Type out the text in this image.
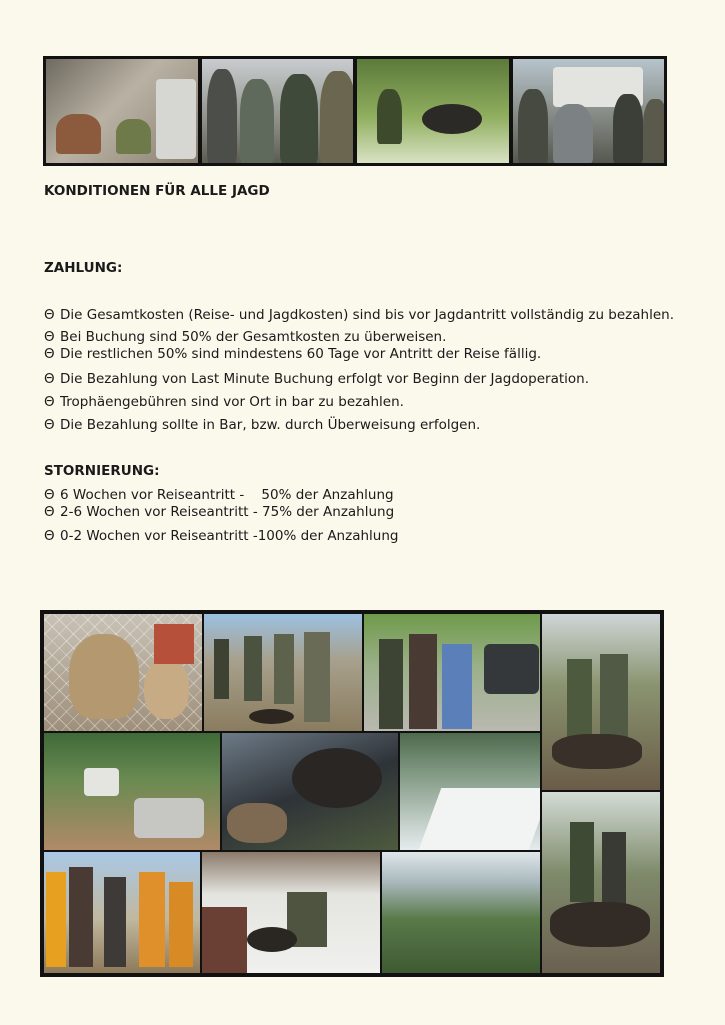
KONDITIONEN FÜR ALLE JAGD
ZAHLUNG:
Θ Die Gesamtkosten (Reise- und Jagdkosten) sind bis vor Jagdantritt vollständig zu bezahlen.
Θ Bei Buchung sind 50% der Gesamtkosten zu überweisen.
Θ Die restlichen 50% sind mindestens 60 Tage vor Antritt der Reise fällig.
Θ Die Bezahlung von Last Minute Buchung erfolgt vor Beginn der Jagdoperation.
Θ Trophäengebühren sind vor Ort in bar zu bezahlen.
Θ Die Bezahlung sollte in Bar, bzw. durch Überweisung erfolgen.
STORNIERUNG:
Θ 6 Wochen vor Reiseantritt -    50% der Anzahlung
Θ 2-6 Wochen vor Reiseantritt - 75% der Anzahlung
Θ 0-2 Wochen vor Reiseantritt -100% der Anzahlung
